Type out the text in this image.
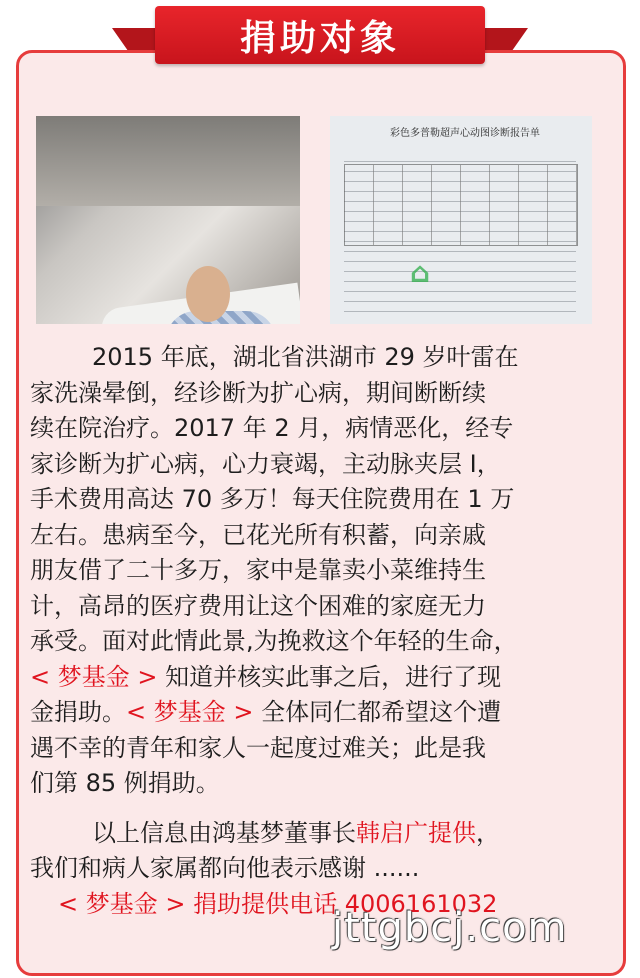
捐助对象
彩色多普勒超声心动图诊断报告单
⌂
2015 年底，湖北省洪湖市 29 岁叶雷在
家洗澡晕倒，经诊断为扩心病，期间断断续
续在院治疗。2017 年 2 月，病情恶化，经专
家诊断为扩心病，心力衰竭，主动脉夹层 I，
手术费用高达 70 多万！每天住院费用在 1 万
左右。患病至今，已花光所有积蓄，向亲戚
朋友借了二十多万，家中是靠卖小菜维持生
计，高昂的医疗费用让这个困难的家庭无力
承受。面对此情此景,为挽救这个年轻的生命，
< 梦基金 > 知道并核实此事之后，进行了现
金捐助。< 梦基金 > 全体同仁都希望这个遭
遇不幸的青年和家人一起度过难关；此是我
们第 85 例捐助。
以上信息由鸿基梦董事长韩启广提供，
我们和病人家属都向他表示感谢 ......
< 梦基金 > 捐助提供电话 4006161032
jttgbcj.com
